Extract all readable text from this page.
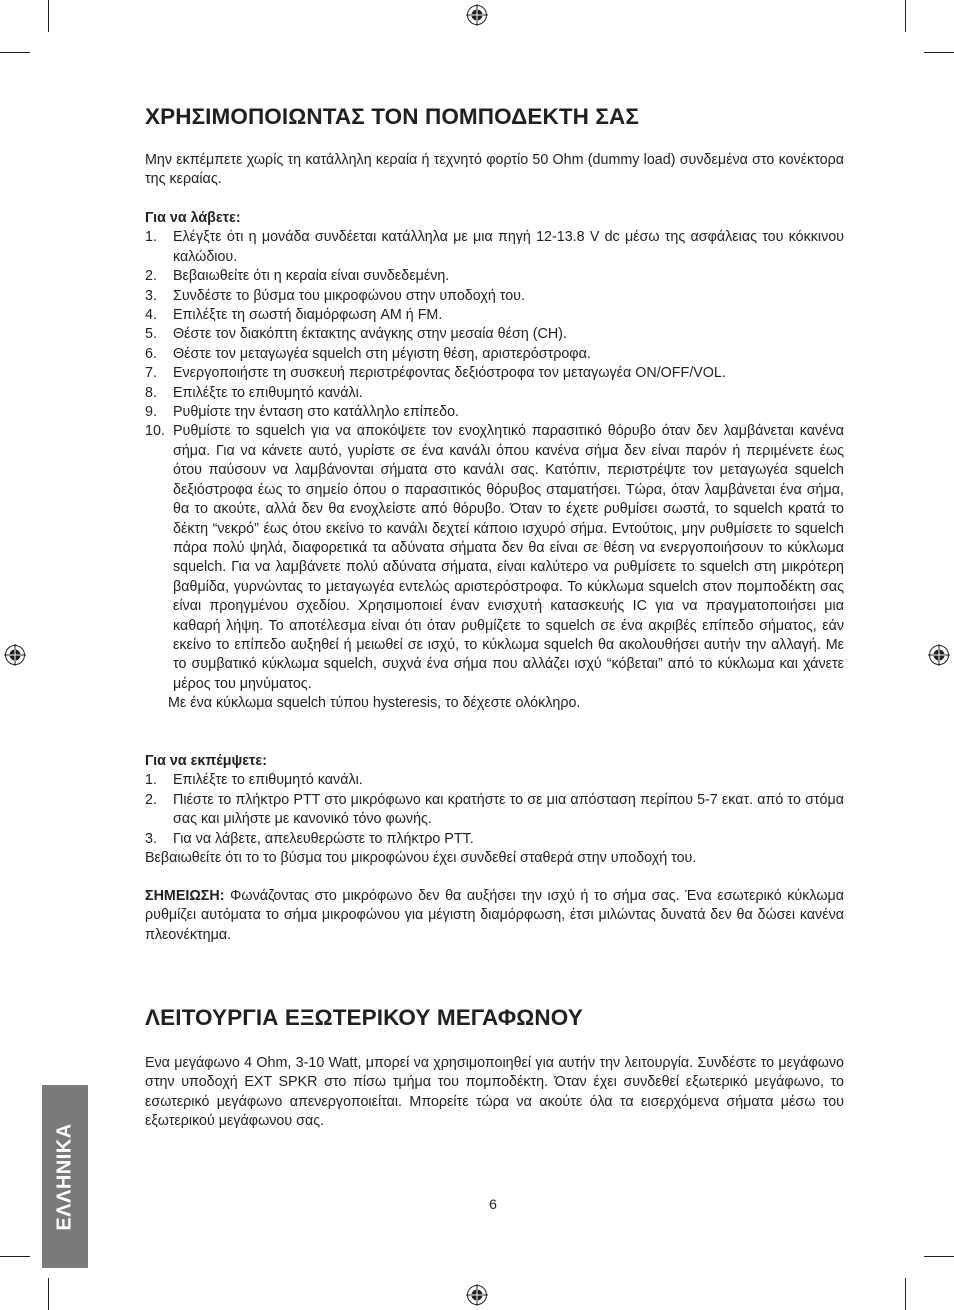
ΧΡΗΣΙΜΟΠΟΙΩΝΤΑΣ ΤΟΝ ΠΟΜΠΟΔΕΚΤΗ ΣΑΣ

Μην εκπέμπετε χωρίς τη κατάλληλη κεραία ή τεχνητό φορτίο 50 Ohm (dummy load) συνδεμένα στο κονέκτορα της κεραίας.

Για να λάβετε:

1. Ελέγξτε ότι η μονάδα συνδέεται κατάλληλα με μια πηγή 12-13.8 V dc μέσω της ασφάλειας του κόκκινου καλώδιου.
2. Βεβαιωθείτε ότι η κεραία είναι συνδεδεμένη.
3. Συνδέστε το βύσμα του μικροφώνου στην υποδοχή του.
4. Επιλέξτε τη σωστή διαμόρφωση AM ή FM.
5. Θέστε τον διακόπτη έκτακτης ανάγκης στην μεσαία θέση (CH).
6. Θέστε τον μεταγωγέα squelch στη μέγιστη θέση, αριστερόστροφα.
7. Ενεργοποιήστε τη συσκευή περιστρέφοντας δεξιόστροφα τον μεταγωγέα ON/OFF/VOL.
8. Επιλέξτε το επιθυμητό κανάλι.
9. Ρυθμίστε την ένταση στο κατάλληλο επίπεδο.
10. Ρυθμίστε το squelch για να αποκόψετε τον ενοχλητικό παρασιτικό θόρυβο όταν δεν λαμβάνεται κανένα σήμα. Για να κάνετε αυτό, γυρίστε σε ένα κανάλι όπου κανένα σήμα δεν είναι παρόν ή περιμένετε έως ότου παύσουν να λαμβάνονται σήματα στο κανάλι σας. Κατόπιν, περιστρέψτε τον μεταγωγέα squelch δεξιόστροφα έως το σημείο όπου ο παρασιτικός θόρυβος σταματήσει. Τώρα, όταν λαμβάνεται ένα σήμα, θα το ακούτε, αλλά δεν θα ενοχλείστε από θόρυβο. Όταν το έχετε ρυθμίσει σωστά, το squelch κρατά το δέκτη “νεκρό” έως ότου εκείνο το κανάλι δεχτεί κάποιο ισχυρό σήμα. Εντούτοις, μην ρυθμίσετε το squelch πάρα πολύ ψηλά, διαφορετικά τα αδύνατα σήματα δεν θα είναι σε θέση να ενεργοποιήσουν το κύκλωμα squelch. Για να λαμβάνετε πολύ αδύνατα σήματα, είναι καλύτερο να ρυθμίσετε το squelch στη μικρότερη βαθμίδα, γυρνώντας το μεταγωγέα εντελώς αριστερόστροφα. Το κύκλωμα squelch στον πομποδέκτη σας είναι προηγμένου σχεδίου. Χρησιμοποιεί έναν ενισχυτή κατασκευής IC για να πραγματοποιήσει μια καθαρή λήψη. Το αποτέλεσμα είναι ότι όταν ρυθμίζετε το squelch σε ένα ακριβές επίπεδο σήματος, εάν εκείνο το επίπεδο αυξηθεί ή μειωθεί σε ισχύ, το κύκλωμα squelch θα ακολουθήσει αυτήν την αλλαγή. Με το συμβατικό κύκλωμα squelch, συχνά ένα σήμα που αλλάζει ισχύ “κόβεται” από το κύκλωμα και χάνετε μέρος του μηνύματος.

Με ένα κύκλωμα squelch τύπου hysteresis, το δέχεστε ολόκληρο.

Για να εκπέμψετε:

1. Επιλέξτε το επιθυμητό κανάλι.
2. Πιέστε το πλήκτρο PTT στο μικρόφωνο και κρατήστε το σε μια απόσταση περίπου 5-7 εκατ. από το στόμα σας και μιλήστε με κανονικό τόνο φωνής.
3. Για να λάβετε, απελευθερώστε το πλήκτρο PTT.

Βεβαιωθείτε ότι το το βύσμα του μικροφώνου έχει συνδεθεί σταθερά στην υποδοχή του.

ΣΗΜΕΙΩΣΗ: Φωνάζοντας στο μικρόφωνο δεν θα αυξήσει την ισχύ ή το σήμα σας. Ένα εσωτερικό κύκλωμα ρυθμίζει αυτόματα το σήμα μικροφώνου για μέγιστη διαμόρφωση, έτσι μιλώντας δυνατά δεν θα δώσει κανένα πλεονέκτημα.

ΛΕΙΤΟΥΡΓΙΑ ΕΞΩΤΕΡΙΚΟΥ ΜΕΓΑΦΩΝΟΥ

Ενα μεγάφωνο 4 Ohm, 3-10 Watt, μπορεί να χρησιμοποιηθεί για αυτήν την λειτουργία. Συνδέστε το μεγάφωνο στην υποδοχή EXT SPKR στο πίσω τμήμα του πομποδέκτη. Όταν έχει συνδεθεί εξωτερικό μεγάφωνο, το εσωτερικό μεγάφωνο απενεργοποιείται. Μπορείτε τώρα να ακούτε όλα τα εισερχόμενα σήματα μέσω του εξωτερικού μεγάφωνου σας.

ΕΛΛΗΝΙΚΑ	6
